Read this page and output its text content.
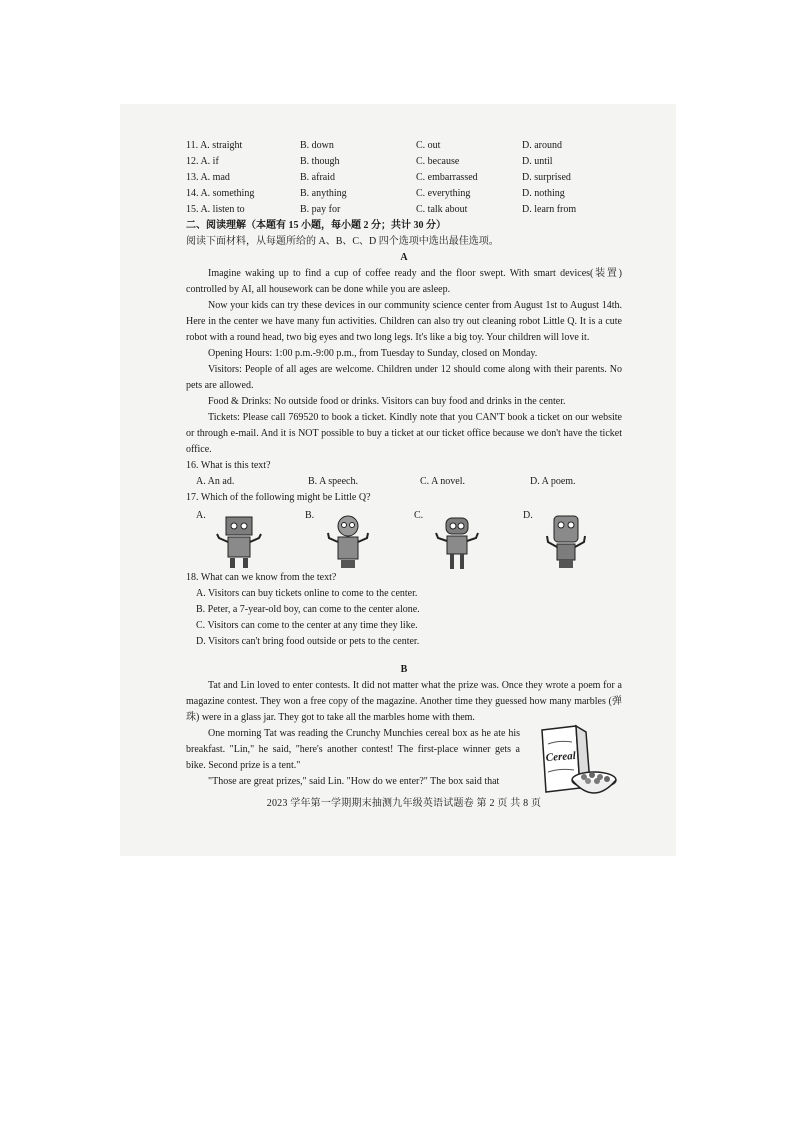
11. A. straight	B. down	C. out	D. around
12. A. if	B. though	C. because	D. until
13. A. mad	B. afraid	C. embarrassed	D. surprised
14. A. something	B. anything	C. everything	D. nothing
15. A. listen to	B. pay for	C. talk about	D. learn from
二、阅读理解（本题有 15 小题，每小题 2 分；共计 30 分）
阅读下面材料，从每题所给的 A、B、C、D 四个选项中选出最佳选项。
A
Imagine waking up to find a cup of coffee ready and the floor swept. With smart devices(装置) controlled by AI, all housework can be done while you are asleep.
Now your kids can try these devices in our community science center from August 1st to August 14th. Here in the center we have many fun activities. Children can also try out cleaning robot Little Q. It is a cute robot with a round head, two big eyes and two long legs. It's like a big toy. Your children will love it.
Opening Hours: 1:00 p.m.-9:00 p.m., from Tuesday to Sunday, closed on Monday.
Visitors: People of all ages are welcome. Children under 12 should come along with their parents. No pets are allowed.
Food & Drinks: No outside food or drinks. Visitors can buy food and drinks in the center.
Tickets: Please call 769520 to book a ticket. Kindly note that you CAN'T book a ticket on our website or through e-mail. And it is NOT possible to buy a ticket at our ticket office because we don't have the ticket office.
16. What is this text?
A. An ad.	B. A speech.	C. A novel.	D. A poem.
17. Which of the following might be Little Q?
A.	B.	C.	D.
18. What can we know from the text?
A. Visitors can buy tickets online to come to the center.
B. Peter, a 7-year-old boy, can come to the center alone.
C. Visitors can come to the center at any time they like.
D. Visitors can't bring food outside or pets to the center.
B
Tat and Lin loved to enter contests. It did not matter what the prize was. Once they wrote a poem for a magazine contest. They won a free copy of the magazine. Another time they guessed how many marbles (弹珠) were in a glass jar. They got to take all the marbles home with them.
One morning Tat was reading the Crunchy Munchies cereal box as he ate his breakfast. "Lin," he said, "here's another contest! The first-place winner gets a bike. Second prize is a tent."
"Those are great prizes," said Lin. "How do we enter?" The box said that
Cereal
2023 学年第一学期期末抽测九年级英语试题卷 第 2 页 共 8 页
